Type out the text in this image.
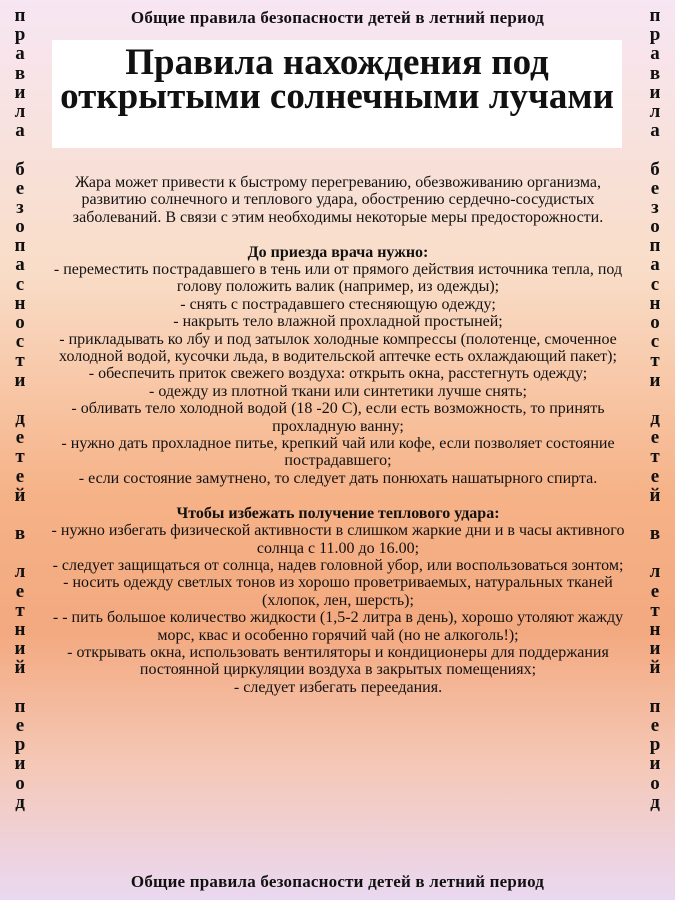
Общие правила безопасности детей в летний период
п
р
а
в
и
л
а
б
е
з
о
п
а
с
н
о
с
т
и
д
е
т
е
й
в
л
е
т
н
и
й
п
е
р
и
о
д
п
р
а
в
и
л
а
б
е
з
о
п
а
с
н
о
с
т
и
д
е
т
е
й
в
л
е
т
н
и
й
п
е
р
и
о
д
Правила нахождения под открытыми солнечными лучами

Жара может привести к быстрому перегреванию, обезвоживанию организма, развитию солнечного и теплового удара, обострению сердечно-сосудистых заболеваний. В связи с этим необходимы некоторые меры предосторожности.

До приезда врача нужно:

- переместить пострадавшего в тень или от прямого действия источника тепла, под голову положить валик (например, из одежды);

- снять с пострадавшего стесняющую одежду;

- накрыть тело влажной прохладной простыней;

- прикладывать ко лбу и под затылок холодные компрессы (полотенце, смоченное холодной водой, кусочки льда, в водительской аптечке есть охлаждающий пакет);

- обеспечить приток свежего воздуха: открыть окна, расстегнуть одежду;

- одежду из плотной ткани или синтетики лучше снять;

- обливать тело холодной водой (18 -20 С), если есть возможность, то принять прохладную ванну;

- нужно дать прохладное питье, крепкий чай или кофе, если позволяет состояние пострадавшего;

- если состояние замутнено, то следует дать понюхать нашатырного спирта.

Чтобы избежать получение теплового удара:

- нужно избегать физической активности в слишком жаркие дни и в часы активного солнца с 11.00 до 16.00;

- следует защищаться от солнца, надев головной убор, или воспользоваться зонтом;

- носить одежду светлых тонов из хорошо проветриваемых, натуральных тканей (хлопок, лен, шерсть);

- - пить большое количество жидкости (1,5-2 литра в день), хорошо утоляют жажду морс, квас и особенно горячий чай (но не алкоголь!);

- открывать окна, использовать вентиляторы и кондиционеры для поддержания постоянной циркуляции воздуха в закрытых помещениях;

- следует избегать переедания.

Общие правила безопасности детей в летний период
